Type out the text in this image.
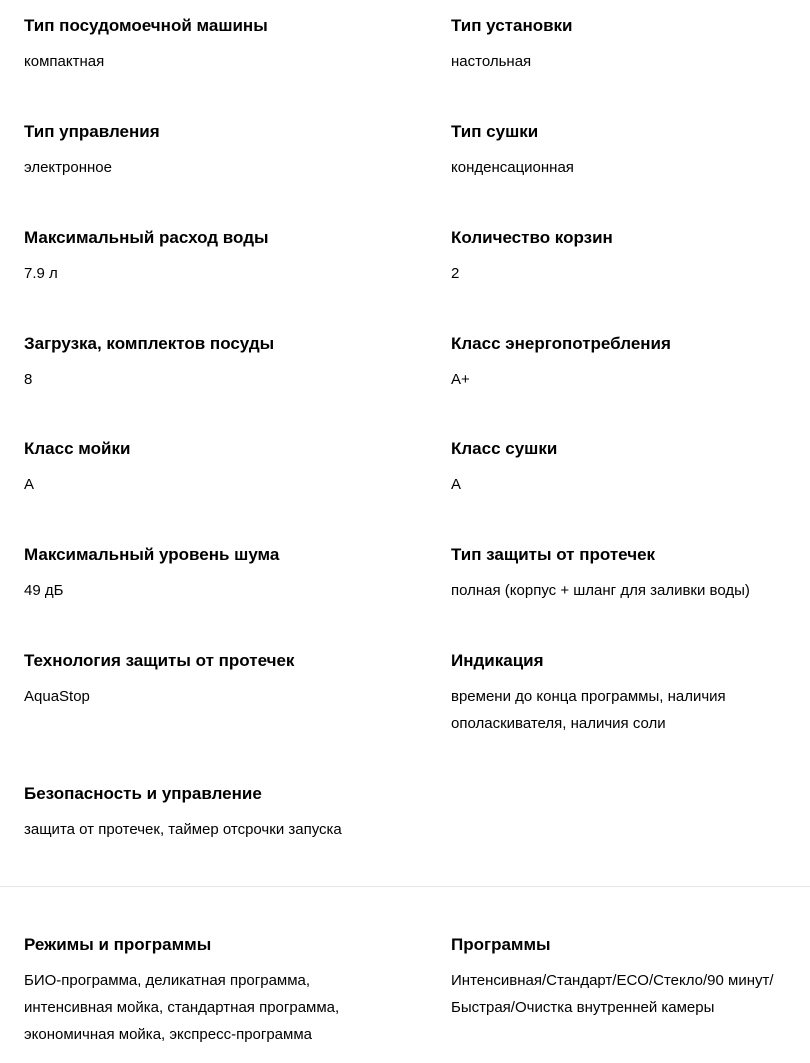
Тип посудомоечной машины

компактная

Тип установки

настольная

Тип управления

электронное

Тип сушки

конденсационная

Максимальный расход воды

7.9 л

Количество корзин

2

Загрузка, комплектов посуды

8

Класс энергопотребления

A+

Класс мойки

A

Класс сушки

A

Максимальный уровень шума

49 дБ

Тип защиты от протечек

полная (корпус + шланг для заливки воды)

Технология защиты от протечек

AquaStop

Индикация

времени до конца программы, наличия ополаскивателя, наличия соли

Безопасность и управление

защита от протечек, таймер отсрочки запуска

Режимы и программы

БИО-программа, деликатная программа, интенсивная мойка, стандартная программа, экономичная мойка, экспресс-программа

Программы

Интенсивная/Стандарт/ECO/Стекло/90 минут/ Быстрая/Очистка внутренней камеры
